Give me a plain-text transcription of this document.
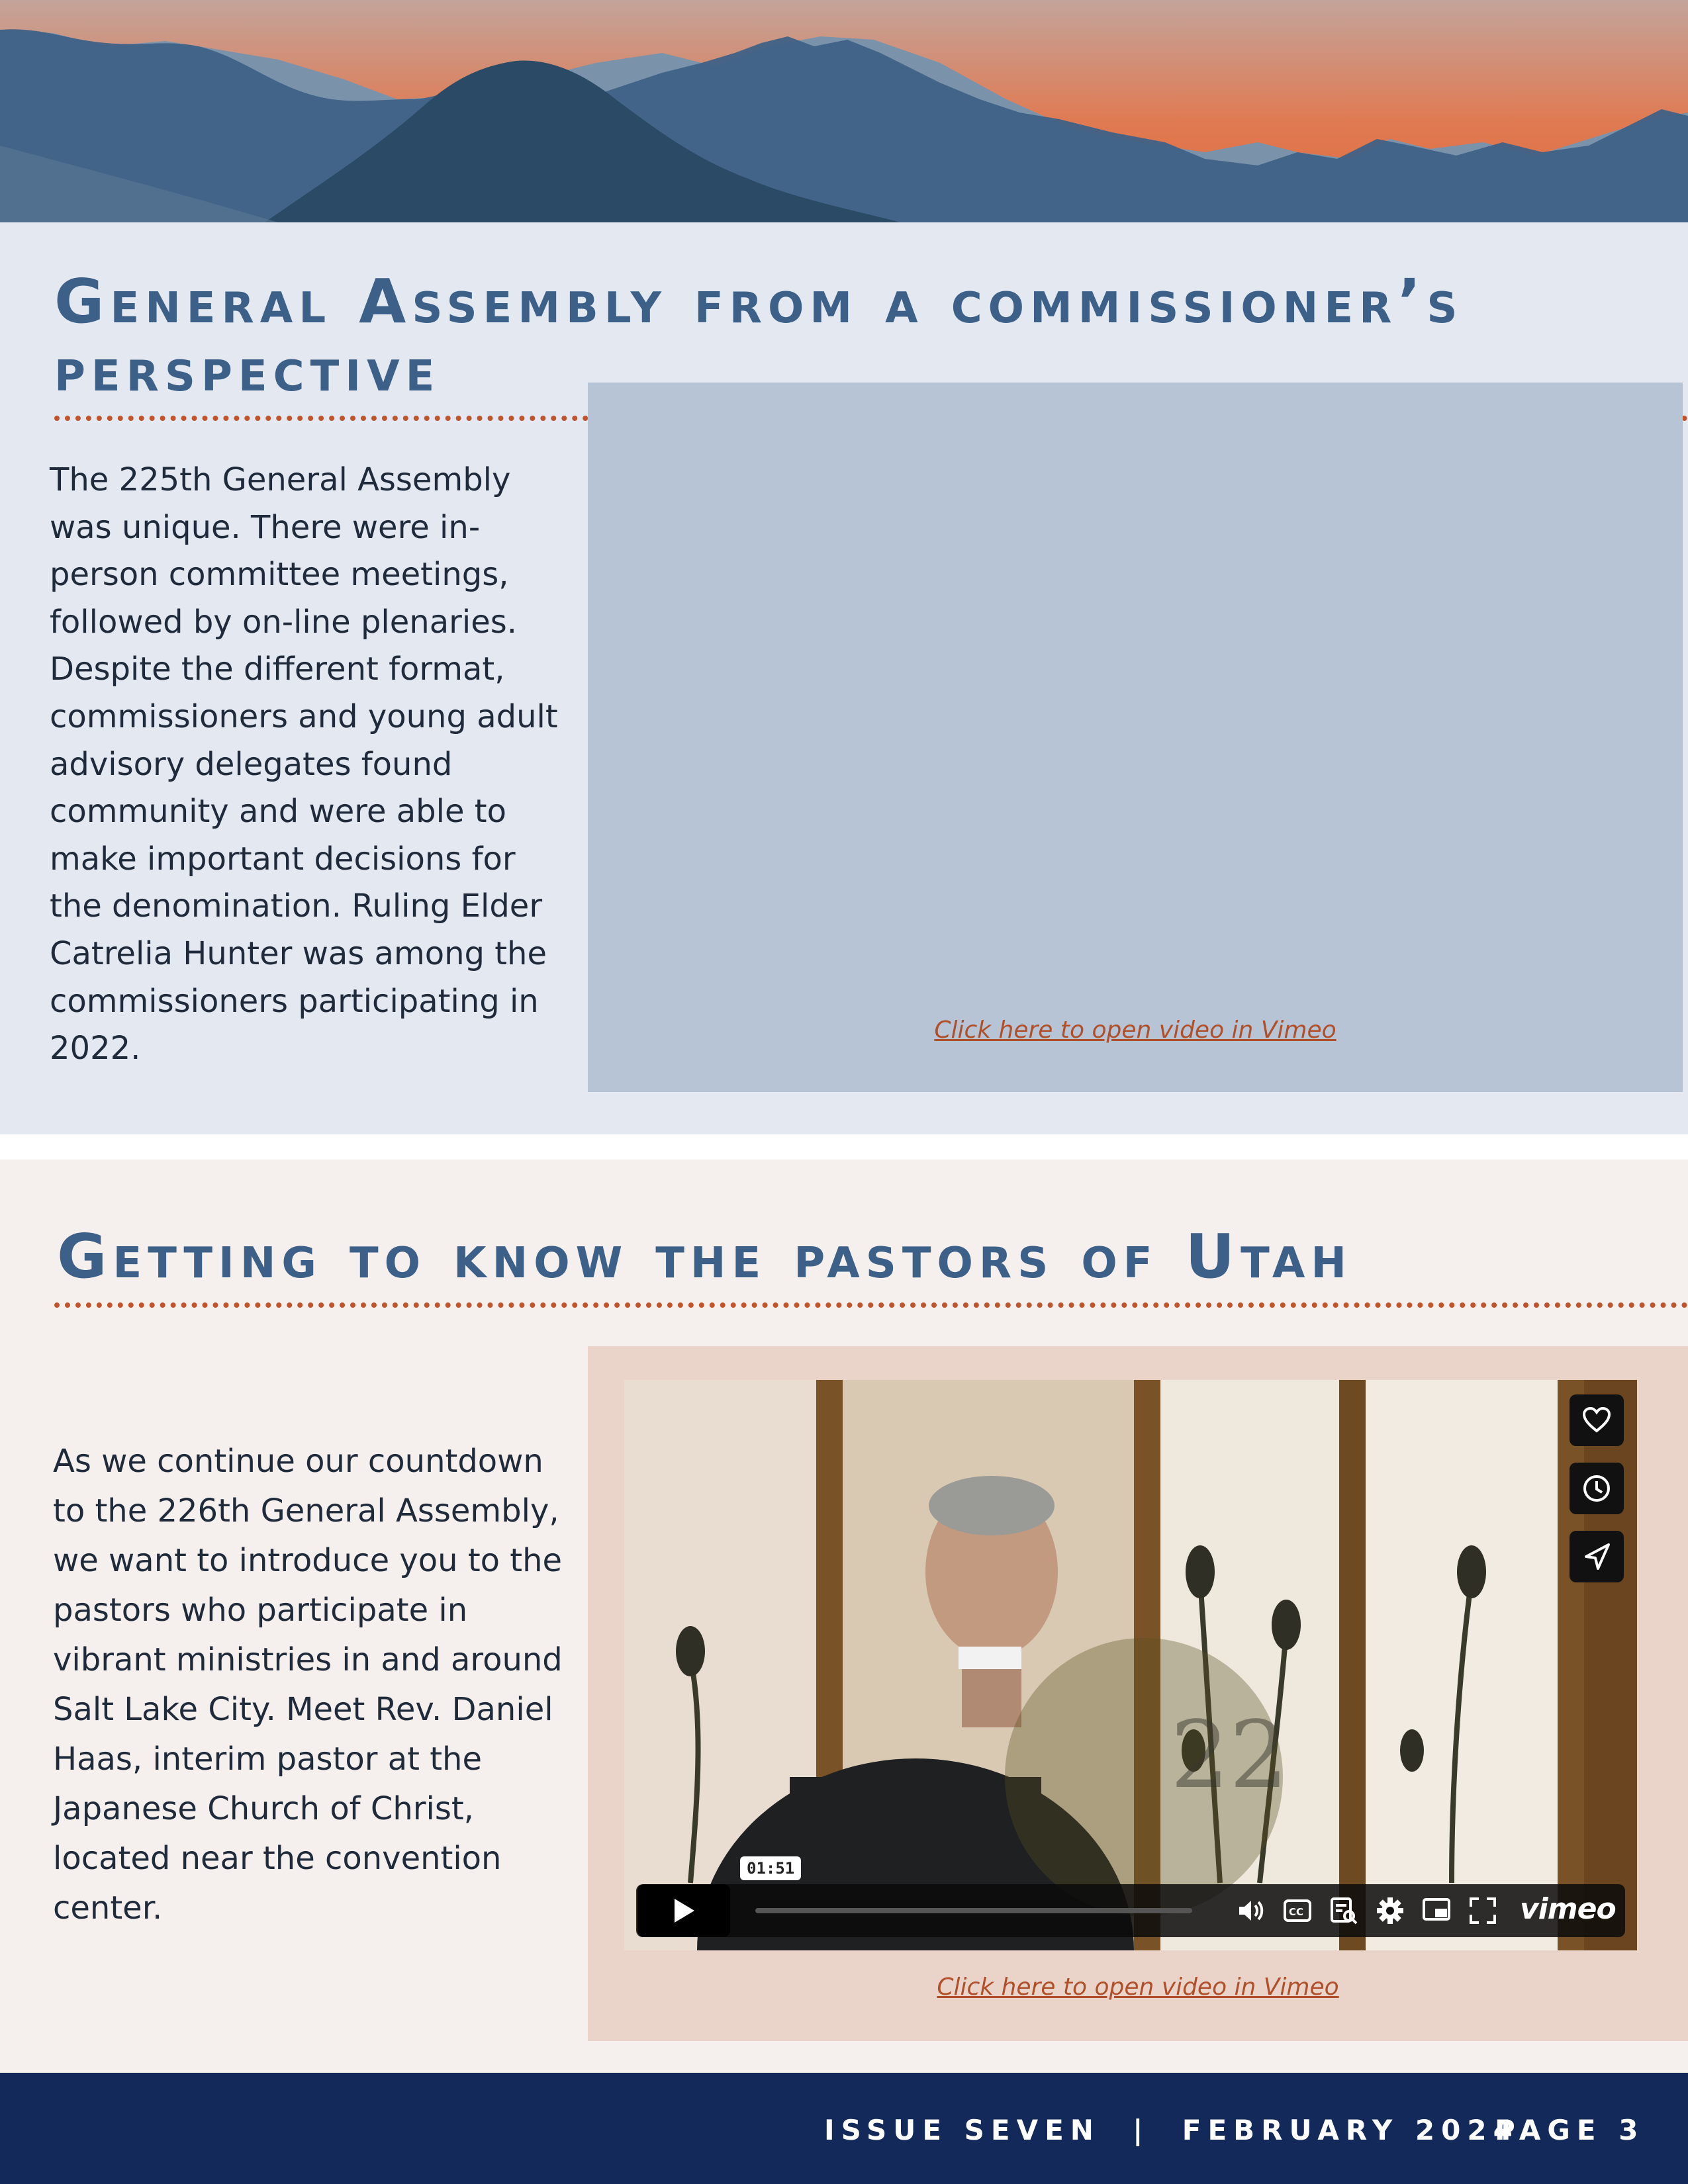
General Assembly from a commissioner’s
perspective

The 225th General Assembly was unique. There were in-person committee meetings, followed by on-line plenaries. Despite the different format, commissioners and young adult advisory delegates found community and were able to make important decisions for the denomination. Ruling Elder Catrelia Hunter was among the commissioners participating in 2022.	Click here to open video in Vimeo
Getting to know the pastors of Utah

As we continue our countdown to the 226th General Assembly, we want to introduce you to the pastors who participate in vibrant ministries in and around Salt Lake City. Meet Rev. Daniel Haas, interim pastor at the Japanese Church of Christ, located near the convention center.

Click here to open video in Vimeo
22
01:51
CC	vimeo
ISSUE SEVEN  |  FEBRUARY 2024
PAGE 3
